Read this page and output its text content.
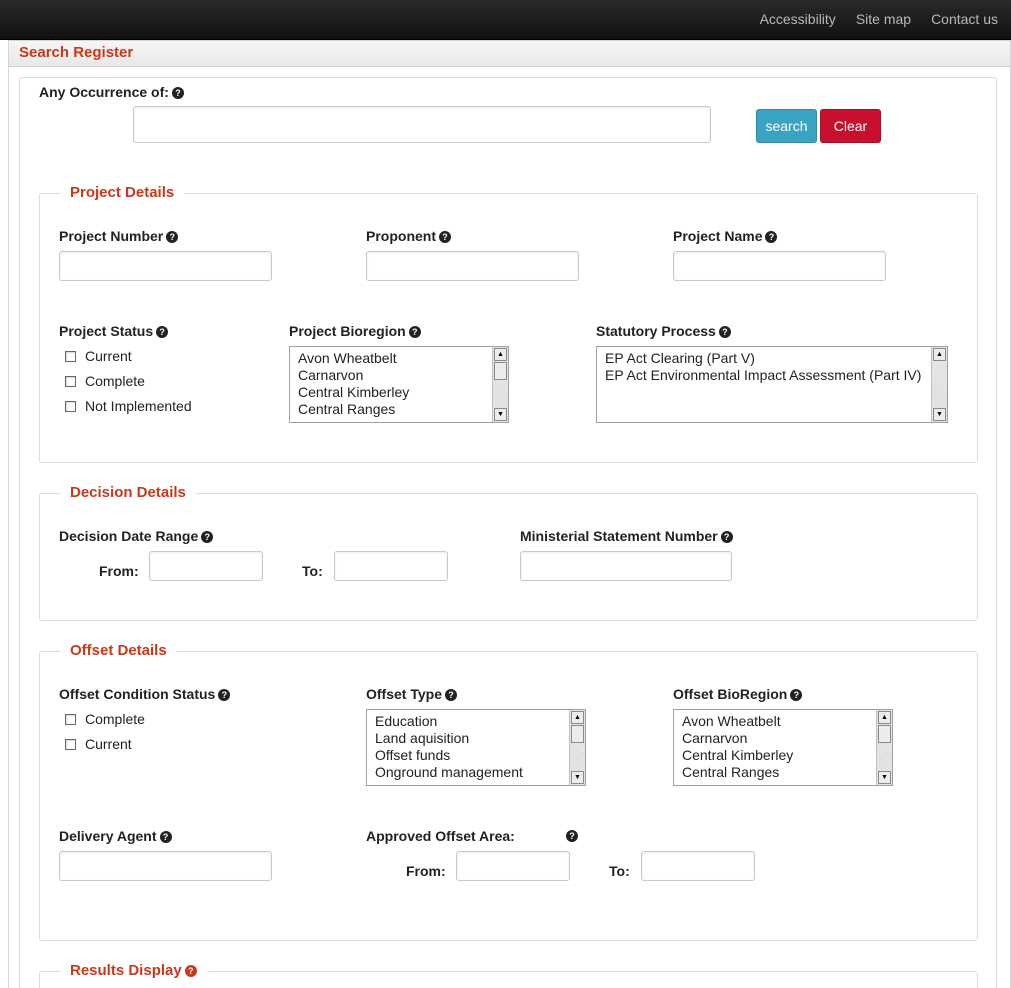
Accessibility Site map Contact us
Search Register
Any Occurrence of: ?
search	Clear
Project Details
Project Number ?	Proponent ?	Project Name ?
Project Status ?
Current
Complete
Not Implemented
Project Bioregion ?
Avon Wheatbelt
Carnarvon
Central Kimberley
Central Ranges
▲
▼
Statutory Process ?
EP Act Clearing (Part V)
EP Act Environmental Impact Assessment (Part IV)
▲
▼
Decision Details
Decision Date Range ?
From:	To:
Ministerial Statement Number ?
Offset Details
Offset Condition Status ?
Complete
Current
Offset Type ?
Education
Land aquisition
Offset funds
Onground management
▲
▼
Offset BioRegion ?
Avon Wheatbelt
Carnarvon
Central Kimberley
Central Ranges
▲
▼
Delivery Agent ?	Approved Offset Area:	?
From:	To:
Results Display ?
